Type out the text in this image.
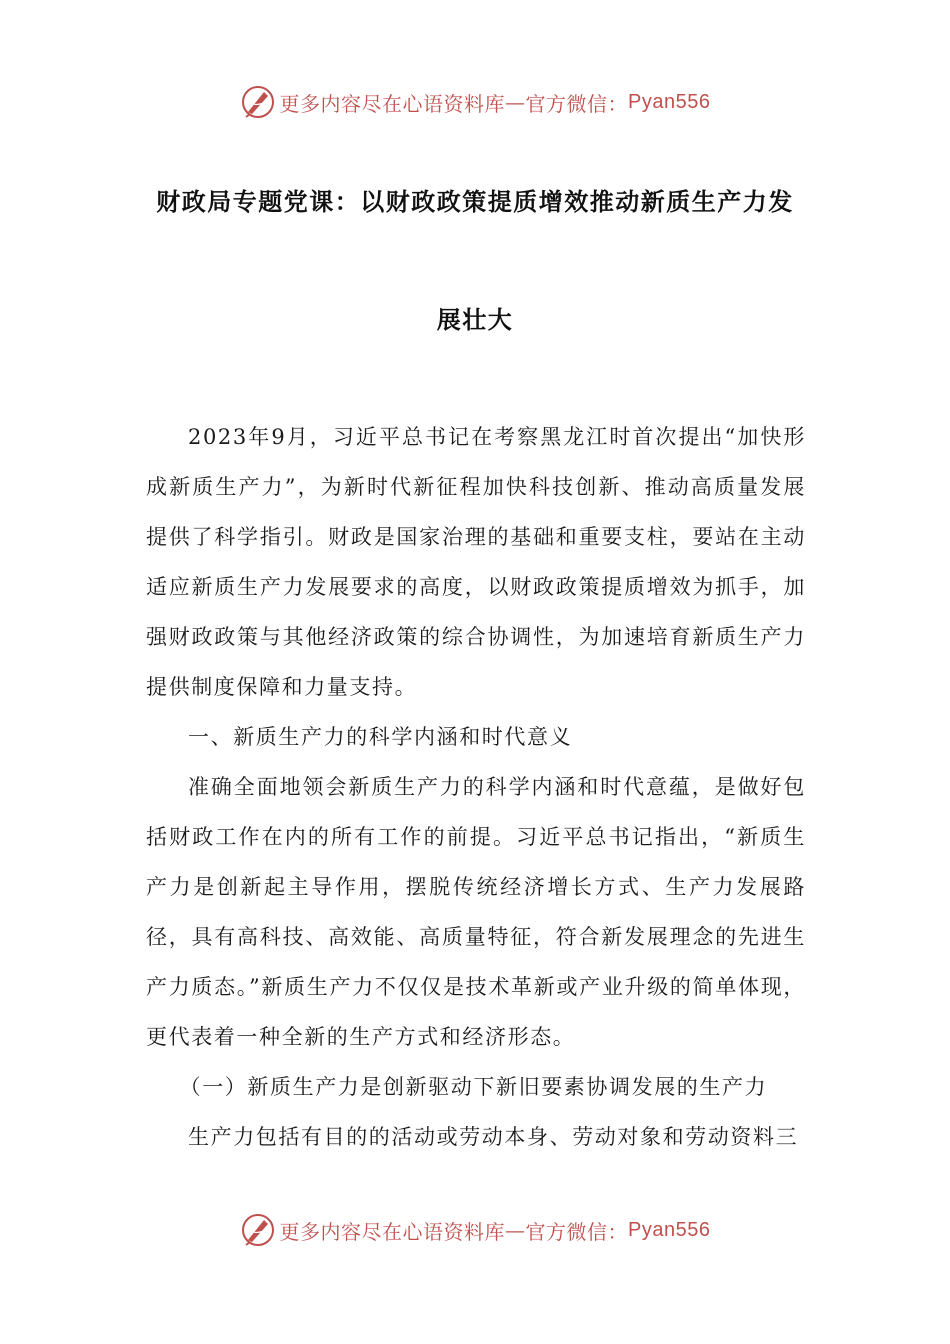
更多内容尽在心语资料库 — 官方微信： Pyan556
财政局专题党课：以财政政策提质增效推动新质生产力发
展壮大

2023年9月，习近平总书记在考察黑龙江时首次提出“加快形成新质生产力”，为新时代新征程加快科技创新、推动高质量发展提供了科学指引。财政是国家治理的基础和重要支柱，要站在主动适应新质生产力发展要求的高度，以财政政策提质增效为抓手，加强财政政策与其他经济政策的综合协调性，为加速培育新质生产力提供制度保障和力量支持。

一、新质生产力的科学内涵和时代意义

准确全面地领会新质生产力的科学内涵和时代意蕴，是做好包括财政工作在内的所有工作的前提。习近平总书记指出，“新质生产力是创新起主导作用，摆脱传统经济增长方式、生产力发展路径，具有高科技、高效能、高质量特征，符合新发展理念的先进生产力质态。”新质生产力不仅仅是技术革新或产业升级的简单体现，更代表着一种全新的生产方式和经济形态。

（一）新质生产力是创新驱动下新旧要素协调发展的生产力

生产力包括有目的的活动或劳动本身、劳动对象和劳动资料三

更多内容尽在心语资料库 — 官方微信： Pyan556
